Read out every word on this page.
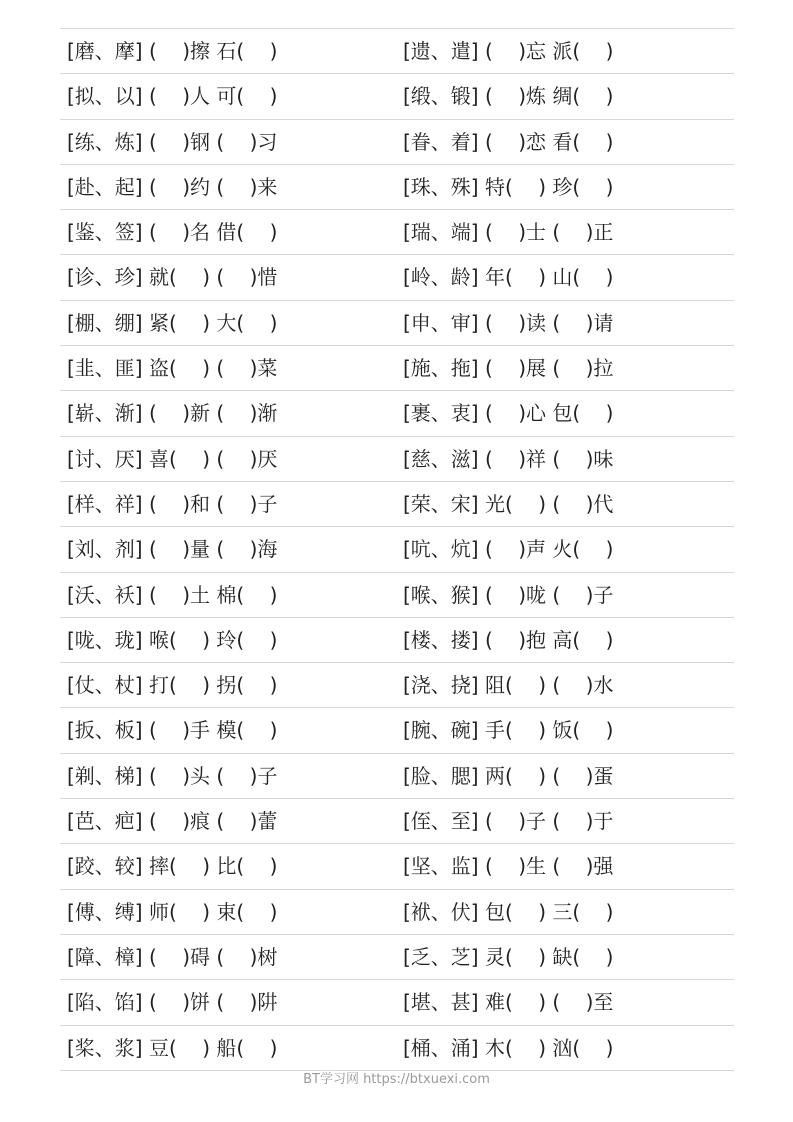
[磨、摩] (    )擦 石(    )	[遗、遣] (    )忘 派(    )
[拟、以] (    )人 可(    )	[缎、锻] (    )炼 绸(    )
[练、炼] (    )钢 (    )习	[眷、着] (    )恋 看(    )
[赴、起] (    )约 (    )来	[珠、殊] 特(    ) 珍(    )
[鉴、签] (    )名 借(    )	[瑞、端] (    )士 (    )正
[诊、珍] 就(    ) (    )惜	[岭、龄] 年(    ) 山(    )
[棚、绷] 紧(    ) 大(    )	[申、审] (    )读 (    )请
[韭、匪] 盗(    ) (    )菜	[施、拖] (    )展 (    )拉
[崭、渐] (    )新 (    )渐	[裹、衷] (    )心 包(    )
[讨、厌] 喜(    ) (    )厌	[慈、滋] (    )祥 (    )味
[样、祥] (    )和 (    )子	[荣、宋] 光(    ) (    )代
[刘、剂] (    )量 (    )海	[吭、炕] (    )声 火(    )
[沃、袄] (    )土 棉(    )	[喉、猴] (    )咙 (    )子
[咙、珑] 喉(    ) 玲(    )	[楼、搂] (    )抱 高(    )
[仗、杖] 打(    ) 拐(    )	[浇、挠] 阻(    ) (    )水
[扳、板] (    )手 模(    )	[腕、碗] 手(    ) 饭(    )
[剃、梯] (    )头 (    )子	[脸、腮] 两(    ) (    )蛋
[芭、疤] (    )痕 (    )蕾	[侄、至] (    )子 (    )于
[跤、较] 摔(    ) 比(    )	[坚、监] (    )生 (    )强
[傅、缚] 师(    ) 束(    )	[袱、伏] 包(    ) 三(    )
[障、樟] (    )碍 (    )树	[乏、芝] 灵(    ) 缺(    )
[陷、馅] (    )饼 (    )阱	[堪、甚] 难(    ) (    )至
[桨、浆] 豆(    ) 船(    )	[桶、涌] 木(    ) 汹(    )
BT学习网 https://btxuexi.com
